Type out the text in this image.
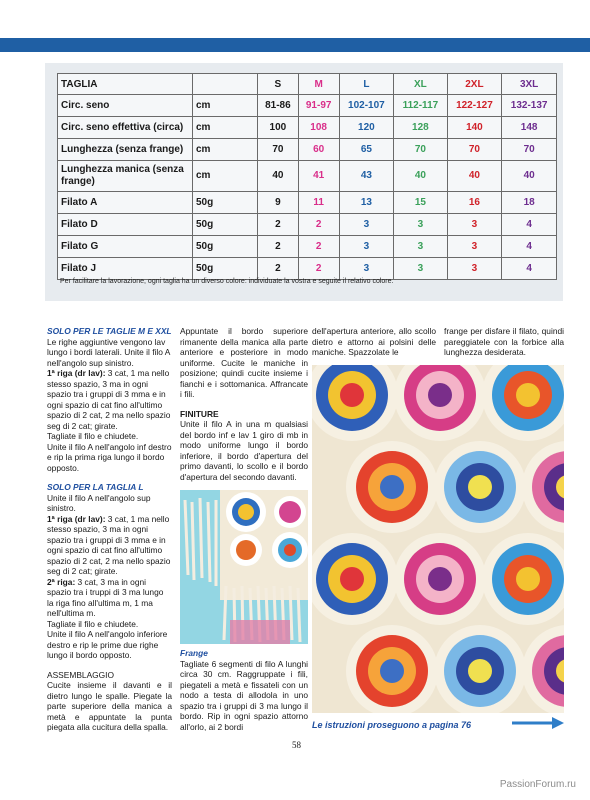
TAGLIA		S	M	L	XL	2XL	3XL
Circ. seno	cm	81-86	91-97	102-107	112-117	122-127	132-137
Circ. seno effettiva (circa)	cm	100	108	120	128	140	148
Lunghezza (senza frange)	cm	70	60	65	70	70	70
Lunghezza manica (senza frange)	cm	40	41	43	40	40	40
Filato A	50g	9	11	13	15	16	18
Filato D	50g	2	2	3	3	3	4
Filato G	50g	2	2	3	3	3	4
Filato J	50g	2	2	3	3	3	4
Per facilitare la lavorazione, ogni taglia ha un diverso colore: individuate la vostra e seguite il relativo colore.

SOLO PER LE TAGLIE M E XXL

Le righe aggiuntive vengono lav lungo i bordi laterali. Unite il filo A nell'angolo sup sinistro.

1ª riga (dr lav): 3 cat, 1 ma nello stesso spazio, 3 ma in ogni spazio tra i gruppi di 3 mma e in ogni spazio di cat fino all'ultimo spazio di 2 cat, 2 ma nello spazio seg di 2 cat; girate.

Tagliate il filo e chiudete.

Unite il filo A nell'angolo inf destro e rip la prima riga lungo il bordo opposto.

SOLO PER LA TAGLIA L

Unite il filo A nell'angolo sup sinistro.

1ª riga (dr lav): 3 cat, 1 ma nello stesso spazio, 3 ma in ogni spazio tra i gruppi di 3 mma e in ogni spazio di cat fino all'ultimo spazio di 2 cat, 2 ma nello spazio seg di 2 cat; girate.

2ª riga: 3 cat, 3 ma in ogni spazio tra i truppi di 3 ma lungo la riga fino all'ultima m, 1 ma nell'ultima m.

Tagliate il filo e chiudete.

Unite il filo A nell'angolo inferiore destro e rip le prime due righe lungo il bordo opposto.

ASSEMBLAGGIO

Cucite insieme il davanti e il dietro lungo le spalle. Piegate la parte superiore della manica a metà e appuntate la punta piegata alla cucitura della spalla.

Appuntate il bordo superiore rimanente della manica alla parte anteriore e posteriore in modo uniforme. Cucite le maniche in posizione; quindi cucite insieme i fianchi e i sottomanica. Affrancate i fili.

FINITURE

Unite il filo A in una m qualsiasi del bordo inf e lav 1 giro di mb in modo uniforme lungo il bordo inferiore, il bordo d'apertura del primo davanti, lo scollo e il bordo d'apertura del secondo davanti.

Frange

Tagliate 6 segmenti di filo A lunghi circa 30 cm. Raggruppate i fili, piegateli a metà e fissateli con un nodo a testa di allodola in uno spazio tra i gruppi di 3 ma lungo il bordo. Rip in ogni spazio attorno all'orlo, ai 2 bordi

dell'apertura anteriore, allo scollo dietro e attorno ai polsini delle maniche. Spazzolate le

frange per disfare il filato, quindi pareggiatele con la forbice alla lunghezza desiderata.

Le istruzioni proseguono a pagina 76
58
PassionForum.ru
